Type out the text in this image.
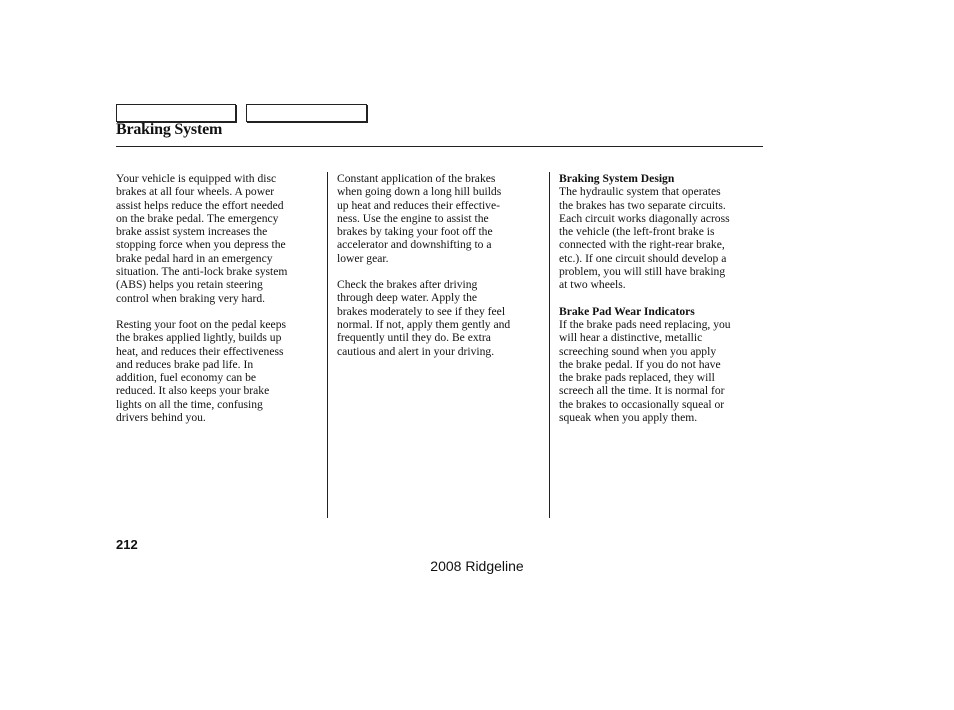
Braking System
Your vehicle is equipped with disc
brakes at all four wheels. A power
assist helps reduce the effort needed
on the brake pedal. The emergency
brake assist system increases the
stopping force when you depress the
brake pedal hard in an emergency
situation. The anti-lock brake system
(ABS) helps you retain steering
control when braking very hard.
Resting your foot on the pedal keeps
the brakes applied lightly, builds up
heat, and reduces their effectiveness
and reduces brake pad life. In
addition, fuel economy can be
reduced. It also keeps your brake
lights on all the time, confusing
drivers behind you.
Constant application of the brakes
when going down a long hill builds
up heat and reduces their effective-
ness. Use the engine to assist the
brakes by taking your foot off the
accelerator and downshifting to a
lower gear.
Check the brakes after driving
through deep water. Apply the
brakes moderately to see if they feel
normal. If not, apply them gently and
frequently until they do. Be extra
cautious and alert in your driving.
Braking System Design
The hydraulic system that operates
the brakes has two separate circuits.
Each circuit works diagonally across
the vehicle (the left-front brake is
connected with the right-rear brake,
etc.). If one circuit should develop a
problem, you will still have braking
at two wheels.
Brake Pad Wear Indicators
If the brake pads need replacing, you
will hear a distinctive, metallic
screeching sound when you apply
the brake pedal. If you do not have
the brake pads replaced, they will
screech all the time. It is normal for
the brakes to occasionally squeal or
squeak when you apply them.
212
2008 Ridgeline
